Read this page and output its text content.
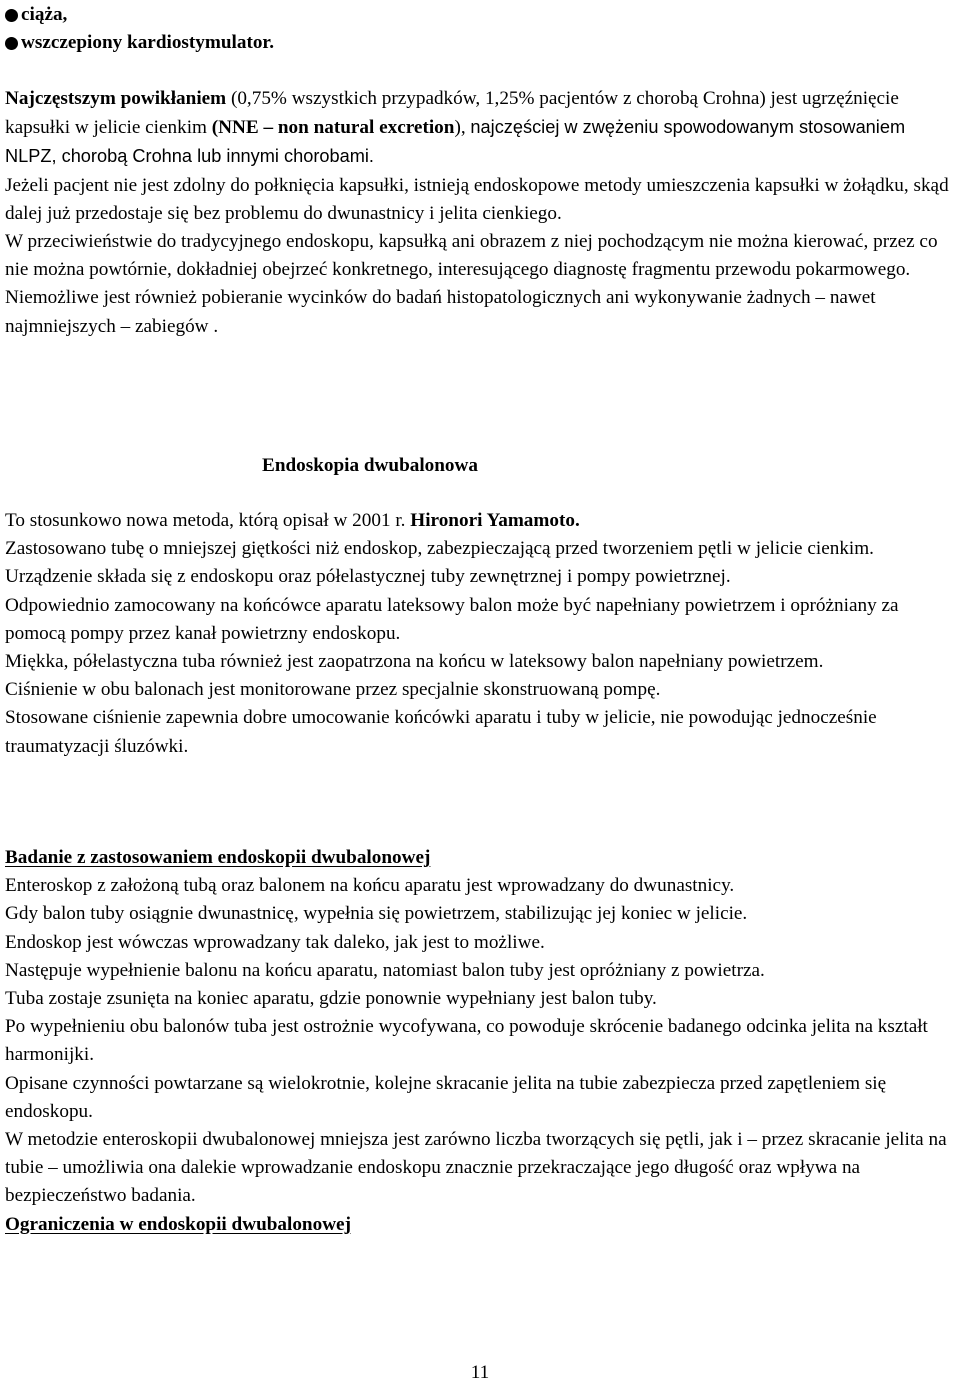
ciąża,
wszczepiony kardiostymulator.

Najczęstszym powikłaniem (0,75% wszystkich przypadków, 1,25% pacjentów z chorobą Crohna) jest ugrzęźnięcie kapsułki w jelicie cienkim (NNE – non natural excretion), najczęściej w zwężeniu spowodowanym stosowaniem NLPZ, chorobą Crohna lub innymi chorobami.

Jeżeli pacjent nie jest zdolny do połknięcia kapsułki, istnieją endoskopowe metody umieszczenia kapsułki w żołądku, skąd dalej już przedostaje się bez problemu do dwunastnicy i jelita cienkiego.

W przeciwieństwie do tradycyjnego endoskopu, kapsułką ani obrazem z niej pochodzącym nie można kierować, przez co nie można powtórnie, dokładniej obejrzeć konkretnego, interesującego diagnostę fragmentu przewodu pokarmowego.

Niemożliwe jest również pobieranie wycinków do badań histopatologicznych ani wykonywanie żadnych – nawet najmniejszych – zabiegów .

Endoskopia dwubalonowa

To stosunkowo nowa metoda, którą opisał w 2001 r. Hironori Yamamoto.

Zastosowano tubę o mniejszej giętkości niż endoskop, zabezpieczającą przed tworzeniem pętli w jelicie cienkim.

Urządzenie składa się z endoskopu oraz półelastycznej tuby zewnętrznej i pompy powietrznej.

Odpowiednio zamocowany na końcówce aparatu lateksowy balon może być napełniany powietrzem i opróżniany za pomocą pompy przez kanał powietrzny endoskopu.

Miękka, półelastyczna tuba również jest zaopatrzona na końcu w lateksowy balon napełniany powietrzem.

Ciśnienie w obu balonach jest monitorowane przez specjalnie skonstruowaną pompę.

Stosowane ciśnienie zapewnia dobre umocowanie końcówki aparatu i tuby w jelicie, nie powodując jednocześnie traumatyzacji śluzówki.

Badanie z zastosowaniem endoskopii dwubalonowej

Enteroskop z założoną tubą oraz balonem na końcu aparatu jest wprowadzany do dwunastnicy.

Gdy balon tuby osiągnie dwunastnicę, wypełnia się powietrzem, stabilizując jej koniec w jelicie.

Endoskop jest wówczas wprowadzany tak daleko, jak jest to możliwe.

Następuje wypełnienie balonu na końcu aparatu, natomiast balon tuby jest opróżniany z powietrza.

Tuba zostaje zsunięta na koniec aparatu, gdzie ponownie wypełniany jest balon tuby.

Po wypełnieniu obu balonów tuba jest ostrożnie wycofywana, co powoduje skrócenie badanego odcinka jelita na kształt harmonijki.

Opisane czynności powtarzane są wielokrotnie, kolejne skracanie jelita na tubie zabezpiecza przed zapętleniem się endoskopu.

W metodzie enteroskopii dwubalonowej mniejsza jest zarówno liczba tworzących się pętli, jak i – przez skracanie jelita na tubie – umożliwia ona dalekie wprowadzanie endoskopu znacznie przekraczające jego długość oraz wpływa na bezpieczeństwo badania.

Ograniczenia w endoskopii dwubalonowej

11
